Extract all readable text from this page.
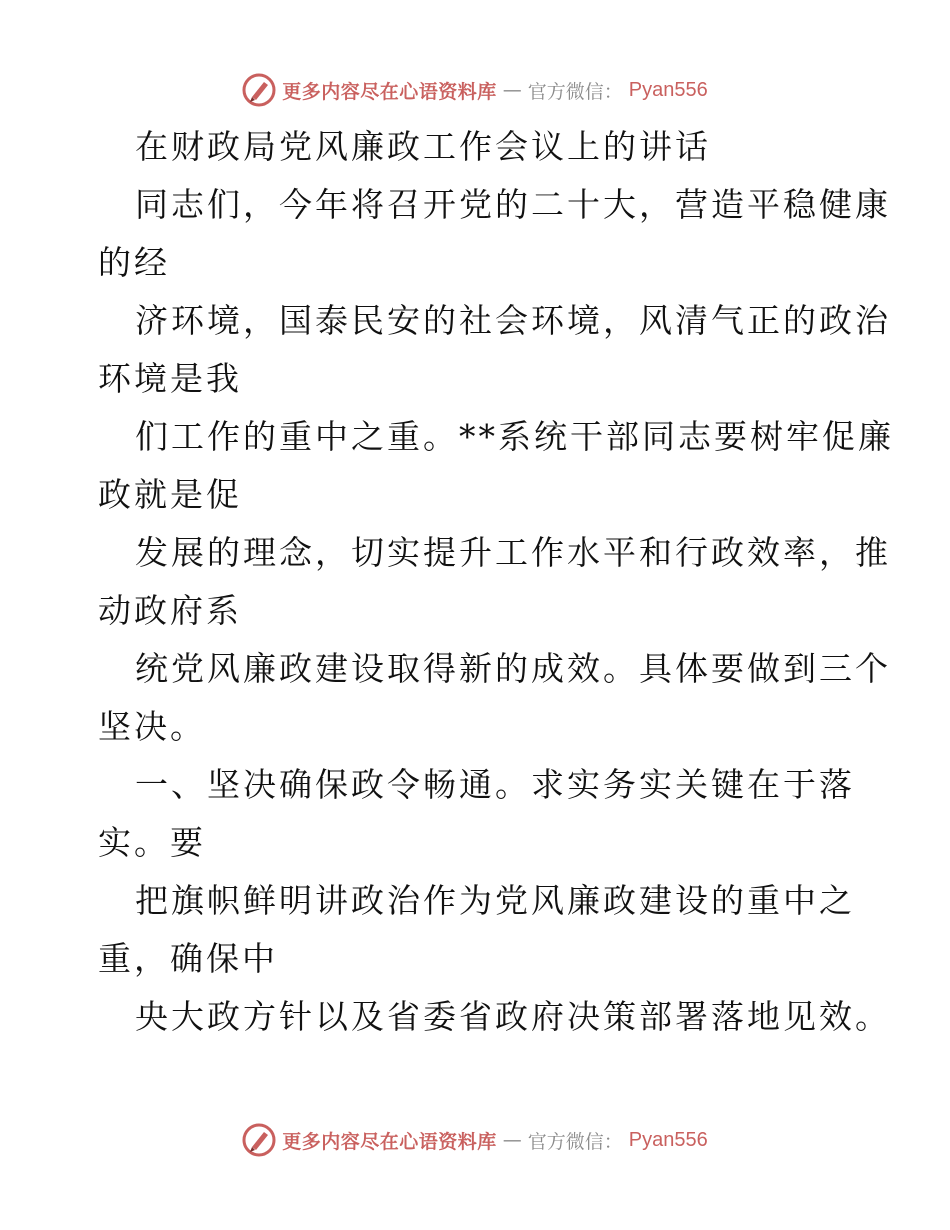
更多内容尽在心语资料库 — 官方微信： Pyan556
在财政局党风廉政工作会议上的讲话
同志们，今年将召开党的二十大，营造平稳健康
的经
济环境，国泰民安的社会环境，风清气正的政治
环境是我
们工作的重中之重。**系统干部同志要树牢促廉
政就是促
发展的理念，切实提升工作水平和行政效率，推
动政府系
统党风廉政建设取得新的成效。具体要做到三个
坚决。
一、坚决确保政令畅通。求实务实关键在于落
实。要
把旗帜鲜明讲政治作为党风廉政建设的重中之
重，确保中
央大政方针以及省委省政府决策部署落地见效。
更多内容尽在心语资料库 — 官方微信： Pyan556
